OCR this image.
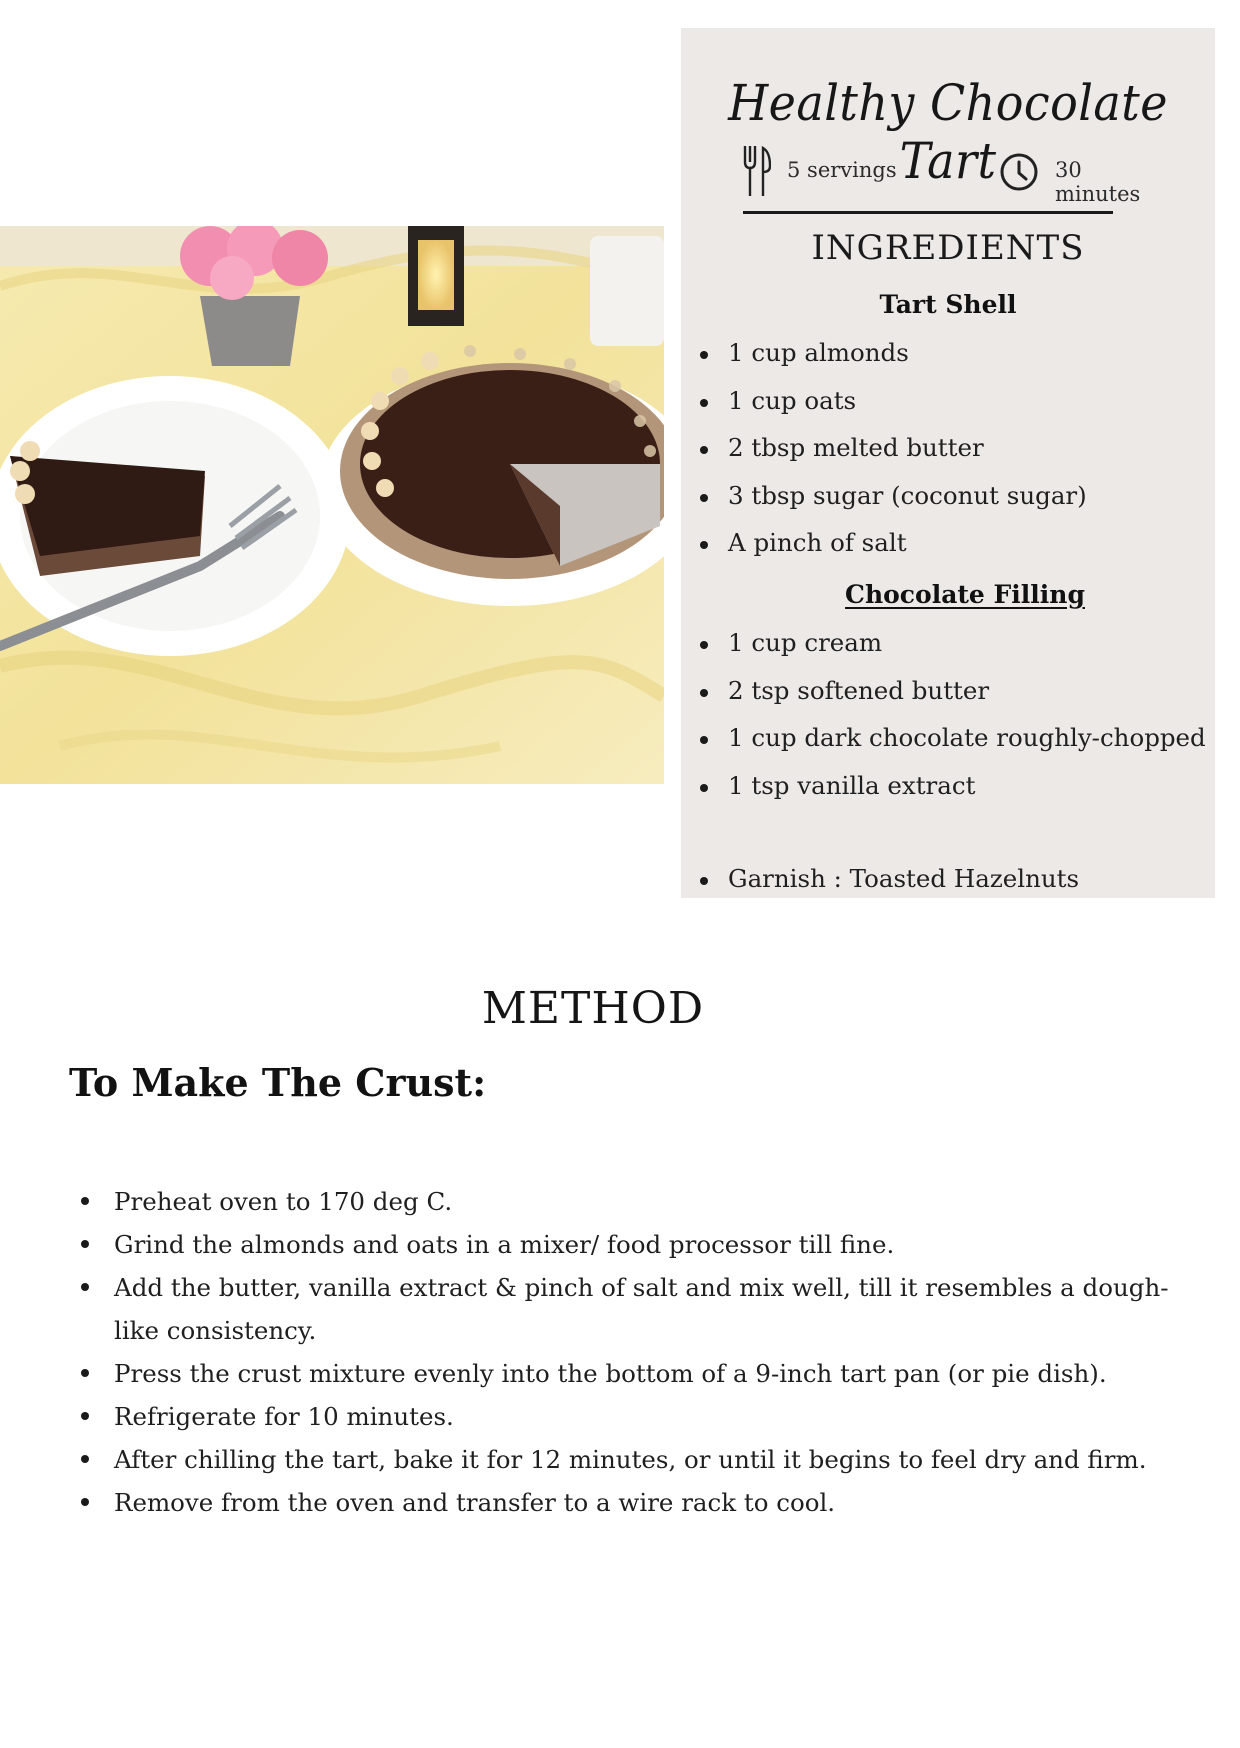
Healthy Chocolate Tart
5 servings	30 minutes
INGREDIENTS
Tart Shell
1 cup almonds
1 cup oats
2 tbsp melted butter
3 tbsp sugar (coconut sugar)
A pinch of salt
Chocolate Filling
1 cup cream
2 tsp softened butter
1 cup dark chocolate roughly-chopped
1 tsp vanilla extract
Garnish : Toasted Hazelnuts
METHOD
To Make The Crust:
Preheat oven to 170 deg C.
Grind the almonds and oats in a mixer/ food processor till fine.
Add the butter, vanilla extract & pinch of salt and mix well, till it resembles a dough-like consistency.
Press the crust mixture evenly into the bottom of a 9-inch tart pan (or pie dish).
Refrigerate for 10 minutes.
After chilling the tart, bake it for 12 minutes, or until it begins to feel dry and firm.
Remove from the oven and transfer to a wire rack to cool.
